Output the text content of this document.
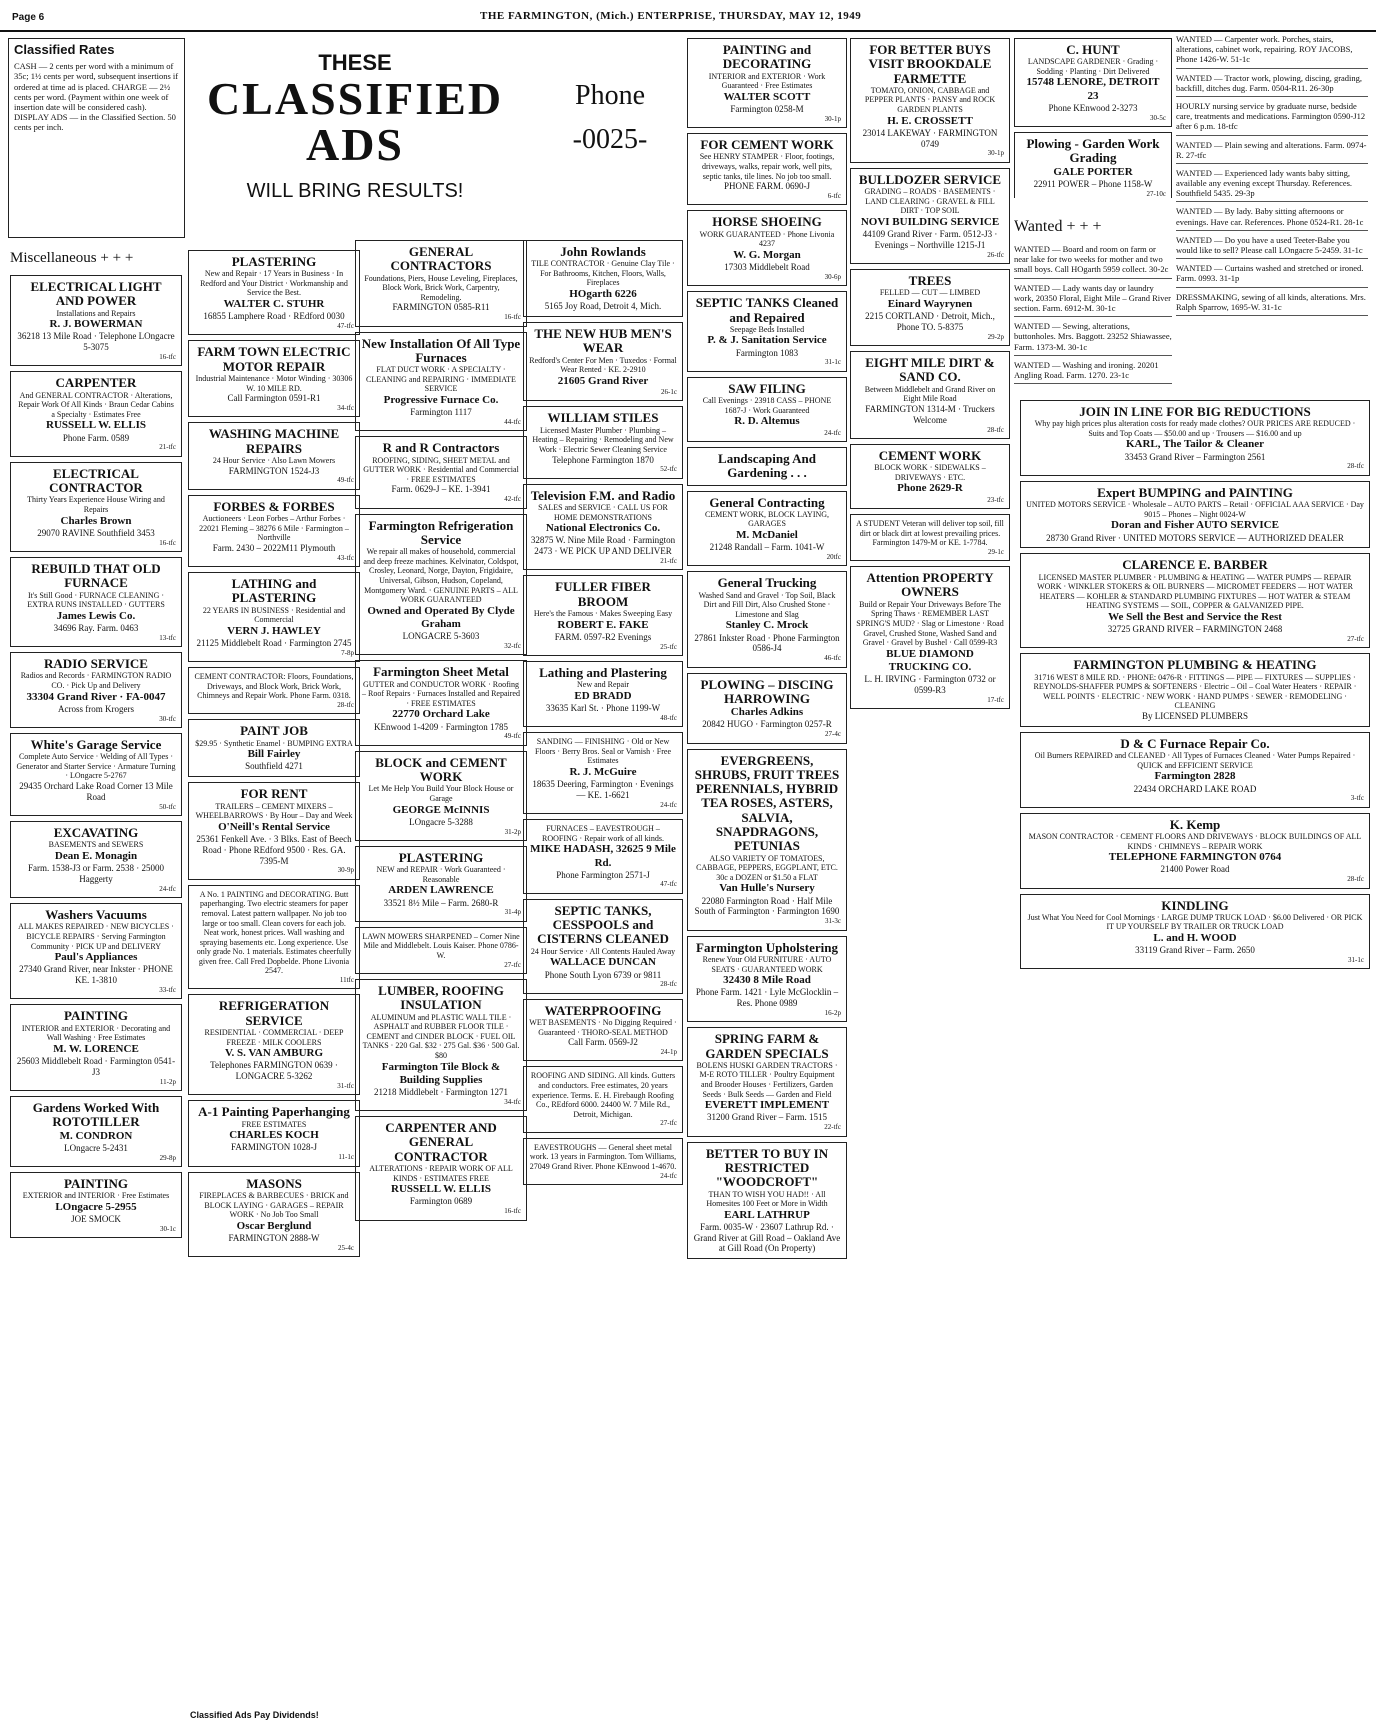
Page 6	THE FARMINGTON, (Mich.) ENTERPRISE, THURSDAY, MAY 12, 1949
Classified Rates
CASH — 2 cents per word with a minimum of 35c; 1½ cents per word, subsequent insertions if ordered at time ad is placed. CHARGE — 2½ cents per word. (Payment within one week of insertion date will be considered cash). DISPLAY ADS — in the Classified Section. 50 cents per inch.
THESE
CLASSIFIED
ADS
WILL BRING RESULTS!
Phone
-0025-
Miscellaneous + + +
ELECTRICAL LIGHT AND POWER
Installations and Repairs
R. J. BOWERMAN
36218 13 Mile Road · Telephone LOngacre 5-3075
16-tfc
CARPENTER
And GENERAL CONTRACTOR · Alterations, Repair Work Of All Kinds · Braun Cedar Cabins a Specialty · Estimates Free
RUSSELL W. ELLIS
Phone Farm. 0589
21-tfc
ELECTRICAL CONTRACTOR
Thirty Years Experience House Wiring and Repairs
Charles Brown
29070 RAVINE Southfield 3453
16-tfc
REBUILD THAT OLD FURNACE
It's Still Good · FURNACE CLEANING · EXTRA RUNS INSTALLED · GUTTERS
James Lewis Co.
34696 Ray. Farm. 0463
13-tfc
RADIO SERVICE
Radios and Records · FARMINGTON RADIO CO. · Pick Up and Delivery
33304 Grand River · FA-0047
Across from Krogers
30-tfc
White's Garage Service
Complete Auto Service · Welding of All Types · Generator and Starter Service · Armature Turning · LOngacre 5-2767
29435 Orchard Lake Road Corner 13 Mile Road
50-tfc
EXCAVATING
BASEMENTS and SEWERS
Dean E. Monagin
Farm. 1538-J3 or Farm. 2538 · 25000 Haggerty
24-tfc
Washers Vacuums
ALL MAKES REPAIRED · NEW BICYCLES · BICYCLE REPAIRS · Serving Farmington Community · PICK UP and DELIVERY
Paul's Appliances
27340 Grand River, near Inkster · PHONE KE. 1-3810
33-tfc
PAINTING
INTERIOR and EXTERIOR · Decorating and Wall Washing · Free Estimates
M. W. LORENCE
25603 Middlebelt Road · Farmington 0541-J3
11-2p
Gardens Worked With ROTOTILLER
M. CONDRON
LOngacre 5-2431
29-8p
PAINTING
EXTERIOR and INTERIOR · Free Estimates
LOngacre 5-2955
JOE SMOCK
30-1c
PLASTERING
New and Repair · 17 Years in Business · In Redford and Your District · Workmanship and Service the Best.
WALTER C. STUHR
16855 Lamphere Road · REdford 0030
47-tfc
FARM TOWN ELECTRIC MOTOR REPAIR
Industrial Maintenance · Motor Winding · 30306 W. 10 MILE RD.
Call Farmington 0591-R1
34-tfc
WASHING MACHINE REPAIRS
24 Hour Service · Also Lawn Mowers
FARMINGTON 1524-J3
49-tfc
FORBES & FORBES
Auctioneers · Leon Forbes – Arthur Forbes · 22021 Fleming – 38276 6 Mile · Farmington – Northville
Farm. 2430 – 2022M11 Plymouth
43-tfc
LATHING and PLASTERING
22 YEARS IN BUSINESS · Residential and Commercial
VERN J. HAWLEY
21125 Middlebelt Road · Farmington 2745
7-8p
CEMENT CONTRACTOR: Floors, Foundations, Driveways, and Block Work, Brick Work, Chimneys and Repair Work. Phone Farm. 0318.
28-tfc
PAINT JOB
$29.95 · Synthetic Enamel · BUMPING EXTRA
Bill Fairley
Southfield 4271
FOR RENT
TRAILERS – CEMENT MIXERS – WHEELBARROWS · By Hour – Day and Week
O'Neill's Rental Service
25361 Fenkell Ave. · 3 Blks. East of Beech Road · Phone REdford 9500 · Res. GA. 7395-M
30-9p
A No. 1 PAINTING and DECORATING. Butt paperhanging. Two electric steamers for paper removal. Latest pattern wallpaper. No job too large or too small. Clean covers for each job. Neat work, honest prices. Wall washing and spraying basements etc. Long experience. Use only grade No. 1 materials. Estimates cheerfully given free. Call Fred Dopbelde. Phone Livonia 2547.
11tfc
REFRIGERATION SERVICE
RESIDENTIAL · COMMERCIAL · DEEP FREEZE · MILK COOLERS
V. S. VAN AMBURG
Telephones FARMINGTON 0639 · LONGACRE 5-3262
31-tfc
A-1 Painting Paperhanging
FREE ESTIMATES
CHARLES KOCH
FARMINGTON 1028-J
11-1c
MASONS
FIREPLACES & BARBECUES · BRICK and BLOCK LAYING · GARAGES – REPAIR WORK · No Job Too Small
Oscar Berglund
FARMINGTON 2888-W
25-4c
GENERAL CONTRACTORS
Foundations, Piers, House Leveling, Fireplaces, Block Work, Brick Work, Carpentry, Remodeling.
FARMINGTON 0585-R11
16-tfc
New Installation Of All Type Furnaces
FLAT DUCT WORK · A SPECIALTY · CLEANING and REPAIRING · IMMEDIATE SERVICE
Progressive Furnace Co.
Farmington 1117
44-tfc
R and R Contractors
ROOFING, SIDING, SHEET METAL and GUTTER WORK · Residential and Commercial · FREE ESTIMATES
Farm. 0629-J – KE. 1-3941
42-tfc
Farmington Refrigeration Service
We repair all makes of household, commercial and deep freeze machines. Kelvinator, Coldspot, Crosley, Leonard, Norge, Dayton, Frigidaire, Universal, Gibson, Hudson, Copeland, Montgomery Ward. · GENUINE PARTS – ALL WORK GUARANTEED
Owned and Operated By Clyde Graham
LONGACRE 5-3603
32-tfc
Farmington Sheet Metal
GUTTER and CONDUCTOR WORK · Roofing – Roof Repairs · Furnaces Installed and Repaired · FREE ESTIMATES
22770 Orchard Lake
KEnwood 1-4209 · Farmington 1785
49-tfc
BLOCK and CEMENT WORK
Let Me Help You Build Your Block House or Garage
GEORGE McINNIS
LOngacre 5-3288
31-2p
PLASTERING
NEW and REPAIR · Work Guaranteed · Reasonable
ARDEN LAWRENCE
33521 8½ Mile – Farm. 2680-R
31-4p
LAWN MOWERS SHARPENED – Corner Nine Mile and Middlebelt. Louis Kaiser. Phone 0786-W.
27-tfc
LUMBER, ROOFING INSULATION
ALUMINUM and PLASTIC WALL TILE · ASPHALT and RUBBER FLOOR TILE · CEMENT and CINDER BLOCK · FUEL OIL TANKS · 220 Gal. $32 · 275 Gal. $36 · 500 Gal. $80
Farmington Tile Block & Building Supplies
21218 Middlebelt · Farmington 1271
34-tfc
CARPENTER AND GENERAL CONTRACTOR
ALTERATIONS · REPAIR WORK OF ALL KINDS · ESTIMATES FREE
RUSSELL W. ELLIS
Farmington 0689
16-tfc
John Rowlands
TILE CONTRACTOR · Genuine Clay Tile · For Bathrooms, Kitchen, Floors, Walls, Fireplaces
HOgarth 6226
5165 Joy Road, Detroit 4, Mich.
THE NEW HUB MEN'S WEAR
Redford's Center For Men · Tuxedos · Formal Wear Rented · KE. 2-2910
21605 Grand River
26-1c
WILLIAM STILES
Licensed Master Plumber · Plumbing – Heating – Repairing · Remodeling and New Work · Electric Sewer Cleaning Service
Telephone Farmington 1870
52-tfc
Television F.M. and Radio
SALES and SERVICE · CALL US FOR HOME DEMONSTRATIONS
National Electronics Co.
32875 W. Nine Mile Road · Farmington 2473 · WE PICK UP AND DELIVER
21-tfc
FULLER FIBER BROOM
Here's the Famous · Makes Sweeping Easy
ROBERT E. FAKE
FARM. 0597-R2 Evenings
25-tfc
Lathing and Plastering
New and Repair
ED BRADD
33635 Karl St. · Phone 1199-W
48-tfc
SANDING — FINISHING · Old or New Floors · Berry Bros. Seal or Varnish · Free Estimates
R. J. McGuire
18635 Deering, Farmington · Evenings — KE. 1-6621
24-tfc
FURNACES – EAVESTROUGH – ROOFING · Repair work of all kinds.
MIKE HADASH, 32625 9 Mile Rd.
Phone Farmington 2571-J
47-tfc
SEPTIC TANKS, CESSPOOLS and CISTERNS CLEANED
24 Hour Service · All Contents Hauled Away
WALLACE DUNCAN
Phone South Lyon 6739 or 9811
28-tfc
WATERPROOFING
WET BASEMENTS · No Digging Required · Guaranteed · THORO-SEAL METHOD
Call Farm. 0569-J2
24-1p
ROOFING AND SIDING. All kinds. Gutters and conductors. Free estimates, 20 years experience. Terms. E. H. Firebaugh Roofing Co., REdford 6000. 24400 W. 7 Mile Rd., Detroit, Michigan.
27-tfc
EAVESTROUGHS — General sheet metal work. 13 years in Farmington. Tom Williams, 27049 Grand River. Phone KEnwood 1-4670.
24-tfc
PAINTING and DECORATING
INTERIOR and EXTERIOR · Work Guaranteed · Free Estimates
WALTER SCOTT
Farmington 0258-M
30-1p
FOR CEMENT WORK
See HENRY STAMPER · Floor, footings, driveways, walks, repair work, well pits, septic tanks, tile lines. No job too small.
PHONE FARM. 0690-J
6-tfc
HORSE SHOEING
WORK GUARANTEED · Phone Livonia 4237
W. G. Morgan
17303 Middlebelt Road
30-6p
SEPTIC TANKS Cleaned and Repaired
Seepage Beds Installed
P. & J. Sanitation Service
Farmington 1083
31-1c
SAW FILING
Call Evenings · 23918 CASS – PHONE 1687-J · Work Guaranteed
R. D. Altemus
24-tfc
Landscaping And Gardening . . .
General Contracting
CEMENT WORK, BLOCK LAYING, GARAGES
M. McDaniel
21248 Randall – Farm. 1041-W
20tfc
General Trucking
Washed Sand and Gravel · Top Soil, Black Dirt and Fill Dirt, Also Crushed Stone · Limestone and Slag
Stanley C. Mrock
27861 Inkster Road · Phone Farmington 0586-J4
46-tfc
PLOWING – DISCING HARROWING
Charles Adkins
20842 HUGO · Farmington 0257-R
27-4c
EVERGREENS, SHRUBS, FRUIT TREES PERENNIALS, HYBRID TEA ROSES, ASTERS, SALVIA, SNAPDRAGONS, PETUNIAS
ALSO VARIETY OF TOMATOES, CABBAGE, PEPPERS, EGGPLANT, ETC. 30c a DOZEN or $1.50 a FLAT
Van Hulle's Nursery
22080 Farmington Road · Half Mile South of Farmington · Farmington 1690
31-3c
Farmington Upholstering
Renew Your Old FURNITURE · AUTO SEATS · GUARANTEED WORK
32430 8 Mile Road
Phone Farm. 1421 · Lyle McGlocklin – Res. Phone 0989
16-2p
SPRING FARM & GARDEN SPECIALS
BOLENS HUSKI GARDEN TRACTORS · M-E ROTO TILLER · Poultry Equipment and Brooder Houses · Fertilizers, Garden Seeds · Bulk Seeds — Garden and Field
EVERETT IMPLEMENT
31200 Grand River – Farm. 1515
22-tfc
BETTER TO BUY IN RESTRICTED "WOODCROFT"
THAN TO WISH YOU HAD!! · All Homesites 100 Feet or More in Width
EARL LATHRUP
Farm. 0035-W · 23607 Lathrup Rd. · Grand River at Gill Road – Oakland Ave at Gill Road (On Property)
FOR BETTER BUYS VISIT BROOKDALE FARMETTE
TOMATO, ONION, CABBAGE and PEPPER PLANTS · PANSY and ROCK GARDEN PLANTS
H. E. CROSSETT
23014 LAKEWAY · FARMINGTON 0749
30-1p
BULLDOZER SERVICE
GRADING – ROADS · BASEMENTS · LAND CLEARING · GRAVEL & FILL DIRT · TOP SOIL
NOVI BUILDING SERVICE
44109 Grand River · Farm. 0512-J3 · Evenings – Northville 1215-J1
26-tfc
TREES
FELLED — CUT — LIMBED
Einard Wayrynen
2215 CORTLAND · Detroit, Mich., Phone TO. 5-8375
29-2p
EIGHT MILE DIRT & SAND CO.
Between Middlebelt and Grand River on Eight Mile Road
FARMINGTON 1314-M · Truckers Welcome
28-tfc
CEMENT WORK
BLOCK WORK · SIDEWALKS – DRIVEWAYS · ETC.
Phone 2629-R
23-tfc
A STUDENT Veteran will deliver top soil, fill dirt or black dirt at lowest prevailing prices. Farmington 1479-M or KE. 1-7784.
29-1c
Attention PROPERTY OWNERS
Build or Repair Your Driveways Before The Spring Thaws · REMEMBER LAST SPRING'S MUD? · Slag or Limestone · Road Gravel, Crushed Stone, Washed Sand and Gravel · Gravel by Bushel · Call 0599-R3
BLUE DIAMOND TRUCKING CO.
L. H. IRVING · Farmington 0732 or 0599-R3
17-tfc
C. HUNT
LANDSCAPE GARDENER · Grading · Sodding · Planting · Dirt Delivered
15748 LENORE, DETROIT 23
Phone KEnwood 2-3273
30-5c
Plowing - Garden Work Grading
GALE PORTER
22911 POWER – Phone 1158-W
27-10c
Wanted + + +
WANTED — Board and room on farm or near lake for two weeks for mother and two small boys. Call HOgarth 5959 collect. 30-2c
WANTED — Lady wants day or laundry work, 20350 Floral, Eight Mile – Grand River section. Farm. 6912-M. 30-1c
WANTED — Sewing, alterations, buttonholes. Mrs. Baggott. 23252 Shiawassee, Farm. 1373-M. 30-1c
WANTED — Washing and ironing. 20201 Angling Road. Farm. 1270. 23-1c
WANTED — Carpenter work. Porches, stairs, alterations, cabinet work, repairing. ROY JACOBS, Phone 1426-W. 51-1c
WANTED — Tractor work, plowing, discing, grading, backfill, ditches dug. Farm. 0504-R11. 26-30p
HOURLY nursing service by graduate nurse, bedside care, treatments and medications. Farmington 0590-J12 after 6 p.m. 18-tfc
WANTED — Plain sewing and alterations. Farm. 0974-R. 27-tfc
WANTED — Experienced lady wants baby sitting, available any evening except Thursday. References. Southfield 5435. 29-3p
WANTED — By lady. Baby sitting afternoons or evenings. Have car. References. Phone 0524-R1. 28-1c
WANTED — Do you have a used Teeter-Babe you would like to sell? Please call LOngacre 5-2459. 31-1c
WANTED — Curtains washed and stretched or ironed. Farm. 0993. 31-1p
DRESSMAKING, sewing of all kinds, alterations. Mrs. Ralph Sparrow, 1695-W. 31-1c
JOIN IN LINE FOR BIG REDUCTIONS
Why pay high prices plus alteration costs for ready made clothes? OUR PRICES ARE REDUCED · Suits and Top Coats — $50.00 and up · Trousers — $16.00 and up
KARL, The Tailor & Cleaner
33453 Grand River – Farmington 2561
28-tfc
Expert BUMPING and PAINTING
UNITED MOTORS SERVICE · Wholesale – AUTO PARTS – Retail · OFFICIAL AAA SERVICE · Day 9015 – Phones – Night 0024-W
Doran and Fisher AUTO SERVICE
28730 Grand River · UNITED MOTORS SERVICE — AUTHORIZED DEALER
CLARENCE E. BARBER
LICENSED MASTER PLUMBER · PLUMBING & HEATING — WATER PUMPS — REPAIR WORK · WINKLER STOKERS & OIL BURNERS — MICROMET FEEDERS — HOT WATER HEATERS — KOHLER & STANDARD PLUMBING FIXTURES — HOT WATER & STEAM HEATING SYSTEMS — SOIL, COPPER & GALVANIZED PIPE.
We Sell the Best and Service the Rest
32725 GRAND RIVER – FARMINGTON 2468
27-tfc
FARMINGTON PLUMBING & HEATING
31716 WEST 8 MILE RD. · PHONE: 0476-R · FITTINGS — PIPE — FIXTURES — SUPPLIES · REYNOLDS-SHAFFER PUMPS & SOFTENERS · Electric – Oil – Coal Water Heaters · REPAIR · WELL POINTS · ELECTRIC · NEW WORK · HAND PUMPS · SEWER · REMODELING · CLEANING
By LICENSED PLUMBERS
D & C Furnace Repair Co.
Oil Burners REPAIRED and CLEANED · All Types of Furnaces Cleaned · Water Pumps Repaired · QUICK and EFFICIENT SERVICE
Farmington 2828
22434 ORCHARD LAKE ROAD
3-tfc
K. Kemp
MASON CONTRACTOR · CEMENT FLOORS AND DRIVEWAYS · BLOCK BUILDINGS OF ALL KINDS · CHIMNEYS – REPAIR WORK
TELEPHONE FARMINGTON 0764
21400 Power Road
28-tfc
KINDLING
Just What You Need for Cool Mornings · LARGE DUMP TRUCK LOAD · $6.00 Delivered · OR PICK IT UP YOURSELF BY TRAILER OR TRUCK LOAD
L. and H. WOOD
33119 Grand River – Farm. 2650
31-1c
Classified Ads Pay Dividends!
